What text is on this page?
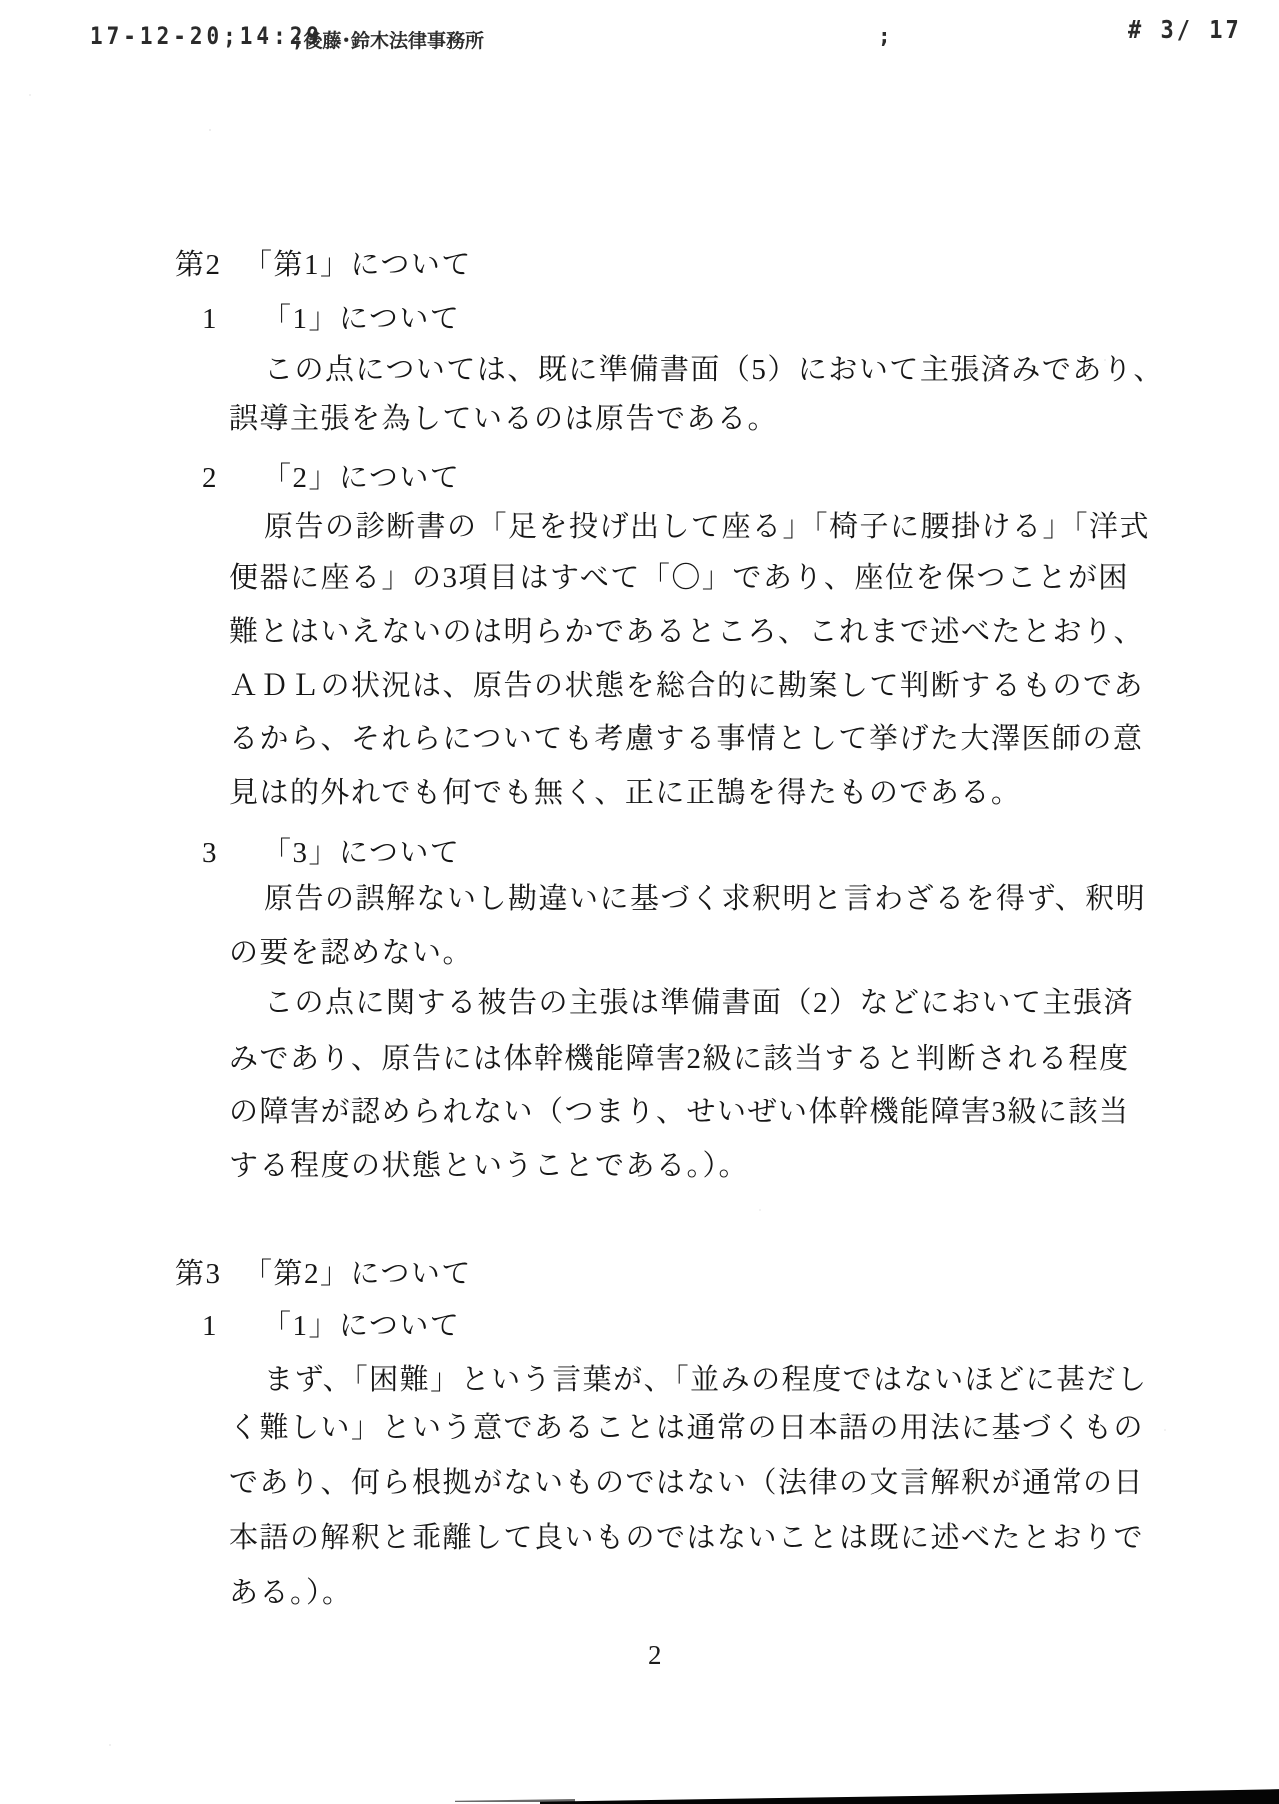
17-12-20;14:29
;後藤･鈴木法律事務所	;	# 3/ 17
第2 「第1」について
1 「1」について
この点については、既に準備書面（5）において主張済みであり、
誤導主張を為しているのは原告である。
2 「2」について
原告の診断書の「足を投げ出して座る」「椅子に腰掛ける」「洋式
便器に座る」の3項目はすべて「〇」であり、座位を保つことが困
難とはいえないのは明らかであるところ、これまで述べたとおり、
ＡＤＬの状況は、原告の状態を総合的に勘案して判断するものであ
るから、それらについても考慮する事情として挙げた大澤医師の意
見は的外れでも何でも無く、正に正鵠を得たものである。
3 「3」について
原告の誤解ないし勘違いに基づく求釈明と言わざるを得ず、釈明
の要を認めない。
この点に関する被告の主張は準備書面（2）などにおいて主張済
みであり、原告には体幹機能障害2級に該当すると判断される程度
の障害が認められない（つまり、せいぜい体幹機能障害3級に該当
する程度の状態ということである。）。
第3 「第2」について
1 「1」について
まず、「困難」という言葉が、「並みの程度ではないほどに甚だし
く難しい」という意であることは通常の日本語の用法に基づくもの
であり、何ら根拠がないものではない（法律の文言解釈が通常の日
本語の解釈と乖離して良いものではないことは既に述べたとおりで
ある。）。
2
